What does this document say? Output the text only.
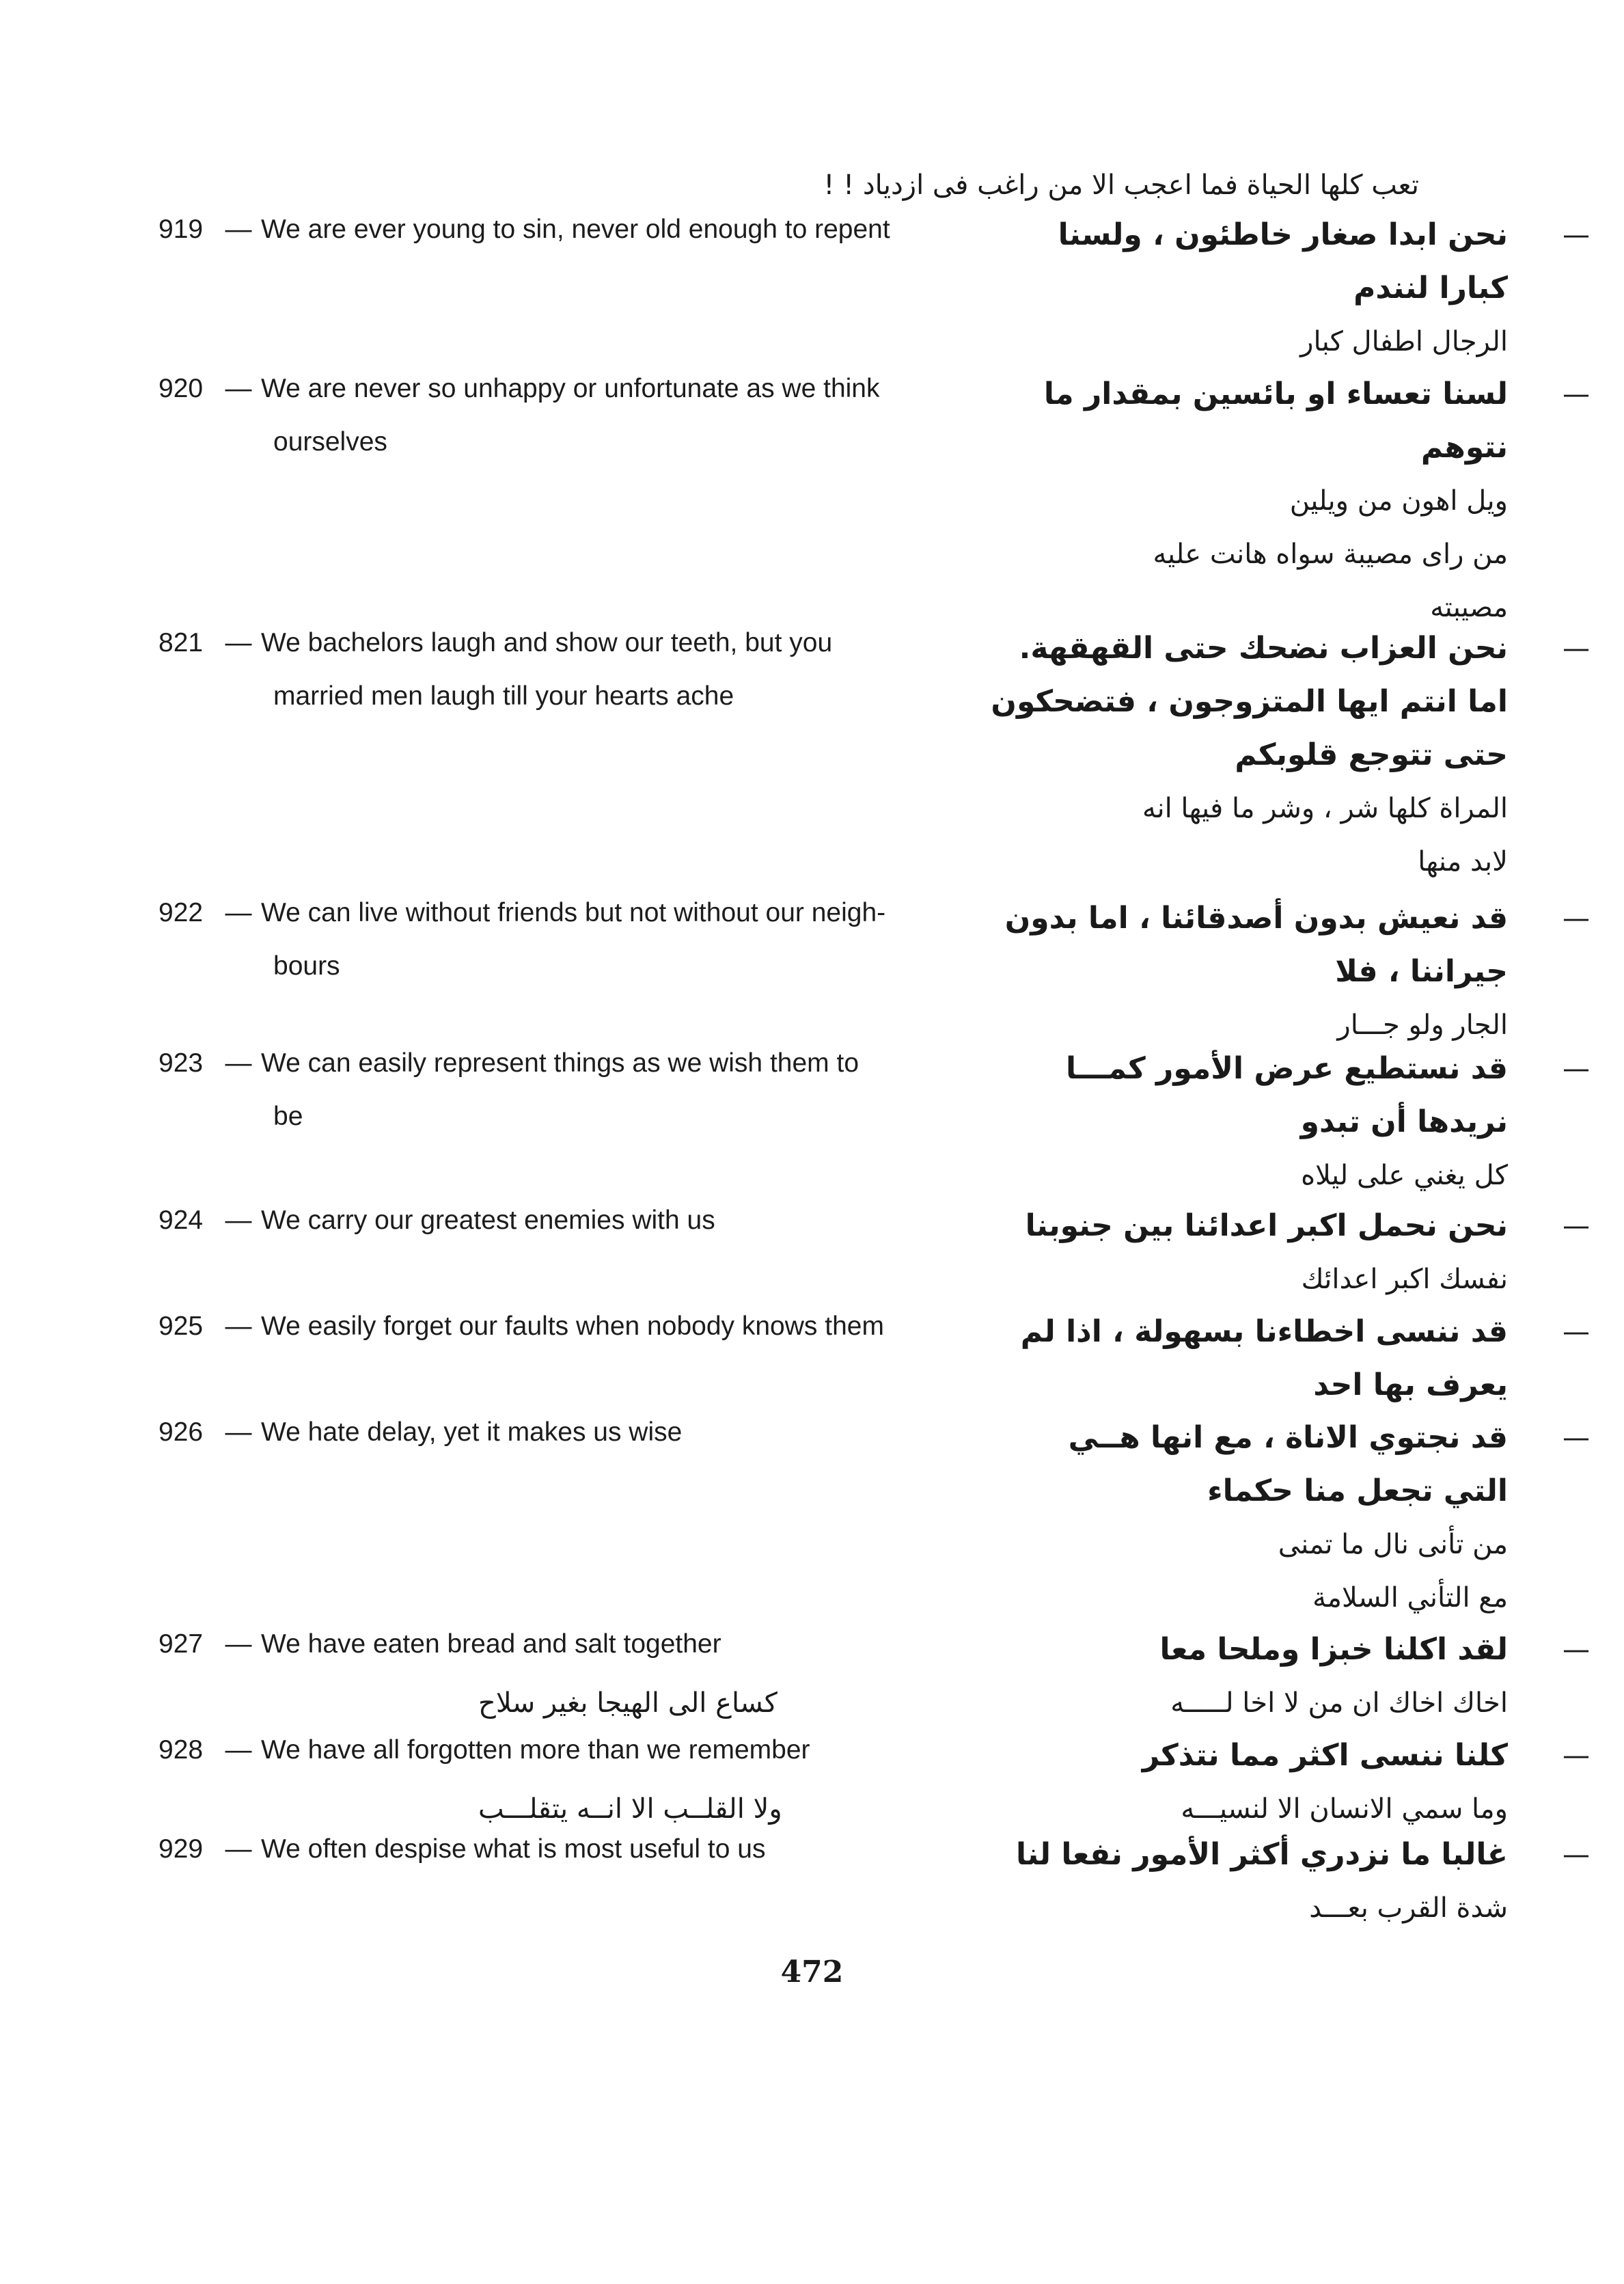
تعب كلها الحياة فما اعجب الا من راغب فى ازدياد ! !
919 — We are ever young to sin, never old enough to repent	—
نحن ابدا صغار خاطئون ، ولسنا
كبارا لنندم
الرجال اطفال كبار
920 — We are never so unhappy or unfortunate as we think
ourselves
—
لسنا تعساء او بائسين بمقدار ما
نتوهم
ويل اهون من ويلين
من راى مصيبة سواه هانت عليه
مصيبته
821 — We bachelors laugh and show our teeth, but you
married men laugh till your hearts ache
—
نحن العزاب نضحك حتى القهقهة.
اما انتم ايها المتزوجون ، فتضحكون
حتى تتوجع قلوبكم
المراة كلها شر ، وشر ما فيها انه
لابد منها
922 — We can live without friends but not without our neigh-
bours
—
قد نعيش بدون أصدقائنا ، اما بدون
جيراننا ، فلا
الجار ولو جـــار
923 — We can easily represent things as we wish them to
be
—
قد نستطيع عرض الأمور كمـــا
نريدها أن تبدو
كل يغني على ليلاه
924 — We carry our greatest enemies with us	—
نحن نحمل اكبر اعدائنا بين جنوبنا
نفسك اكبر اعدائك
925 — We easily forget our faults when nobody knows them	—
قد ننسى اخطاءنا بسهولة ، اذا لم
يعرف بها احد
926 — We hate delay, yet it makes us wise	—
قد نجتوي الاناة ، مع انها هــي
التي تجعل منا حكماء
من تأنى نال ما تمنى
مع التأني السلامة
927 — We have eaten bread and salt together	—
لقد اكلنا خبزا وملحا معا
اخاك اخاك ان من لا اخا لـــــه
كساع الى الهيجا بغير سلاح
928 — We have all forgotten more than we remember	—
كلنا ننسى اكثر مما نتذكر
وما سمي الانسان الا لنسيـــه
ولا القلــب الا انــه يتقلـــب
929 — We often despise what is most useful to us	—
غالبا ما نزدري أكثر الأمور نفعا لنا
شدة القرب بعـــد
472
